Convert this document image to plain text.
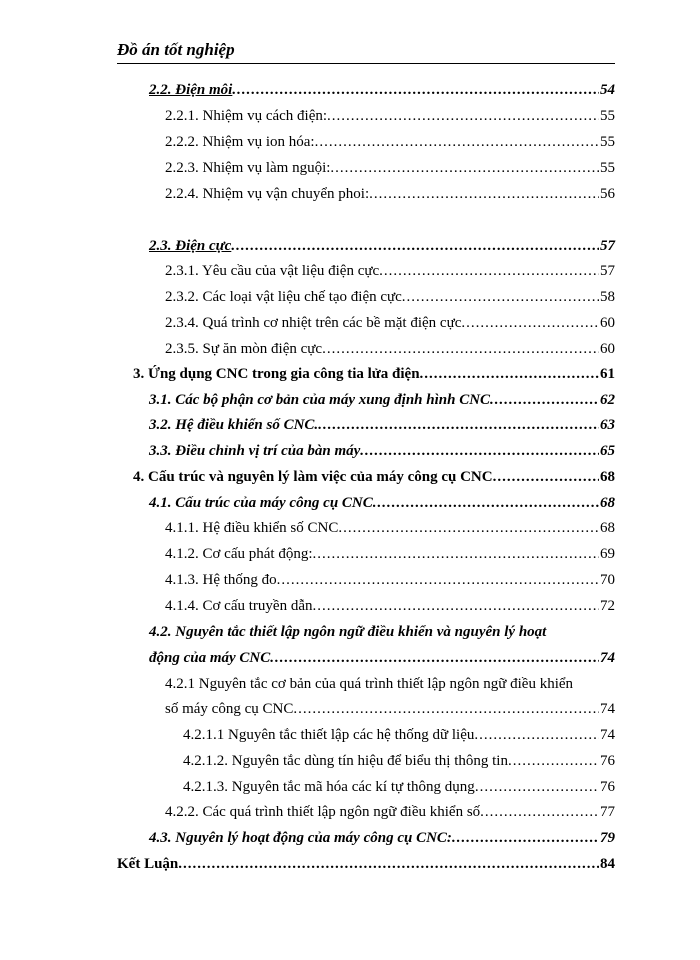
Đồ án tốt nghiệp
2.2. Điện môi .....	54
2.2.1. Nhiệm vụ cách điện: .....	55
2.2.2. Nhiệm vụ ion hóa: .....	55
2.2.3. Nhiệm vụ làm nguội: .....	55
2.2.4. Nhiệm vụ vận chuyển phoi: .....	56
2.3. Điện cực .....	57
2.3.1. Yêu cầu của vật liệu điện cực .....	57
2.3.2. Các loại vật liệu chế tạo điện cực .....	58
2.3.4. Quá trình cơ nhiệt trên các bề mặt điện cực .....	60
2.3.5. Sự ăn mòn điện cực .....	60
3. Ứng dụng CNC trong gia công tia lửa điện .....	61
3.1. Các bộ phận cơ bản của máy xung định hình CNC .....	62
3.2. Hệ điều khiển số CNC. .....	63
3.3. Điều chỉnh vị trí của bàn máy .....	65
4. Cấu trúc và nguyên lý làm việc của máy công cụ CNC .....	68
4.1. Cấu trúc của máy công cụ CNC .....	68
4.1.1. Hệ điều khiển số CNC .....	68
4.1.2. Cơ cấu phát động: .....	69
4.1.3. Hệ thống đo .....	70
4.1.4. Cơ cấu truyền dẫn .....	72
4.2. Nguyên tắc thiết lập ngôn ngữ điều khiển và nguyên lý hoạt
động của máy CNC .....	74
4.2.1 Nguyên tắc cơ bản của quá trình thiết lập ngôn ngữ điều khiển
số máy công cụ CNC .....	74
4.2.1.1 Nguyên tắc thiết lập các hệ thống dữ liệu .....	74
4.2.1.2. Nguyên tắc dùng tín hiệu để biểu thị thông tin .....	76
4.2.1.3. Nguyên tắc mã hóa các kí tự thông dụng .....	76
4.2.2. Các quá trình thiết lập ngôn ngữ điều khiển số .....	77
4.3. Nguyên lý hoạt động của máy công cụ CNC: .....	79
Kết Luận .....	84
